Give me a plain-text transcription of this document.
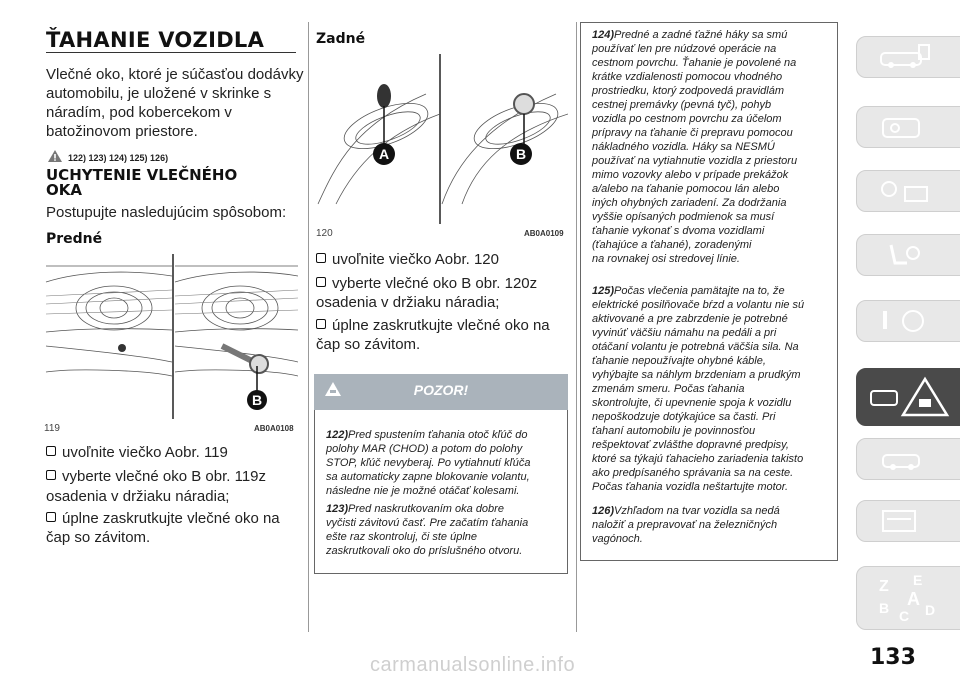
ŤAHANIE VOZIDLA
Vlečné oko, ktoré je súčasťou dodávky
automobilu, je uložené v skrinke s
náradím, pod kobercekom v
batožinovom priestore.
122) 123) 124) 125) 126)
UCHYTENIE VLEČNÉHO
OKA
Postupujte nasledujúcim spôsobom:
Predné
B
119	AB0A0108
uvoľnite viečko Aobr. 119
vyberte vlečné oko B obr. 119z
osadenia v držiaku náradia;
úplne zaskrutkujte vlečné oko na
čap so závitom.
Zadné
A	B
120	AB0A0109
uvoľnite viečko Aobr. 120
vyberte vlečné oko B obr. 120z
osadenia v držiaku náradia;
úplne zaskrutkujte vlečné oko na
čap so závitom.
POZOR!
122)Pred spustením ťahania otoč kľúč do
polohy MAR (CHOD) a potom do polohy
STOP, kľúč nevyberaj. Po vytiahnutí kľúča
sa automaticky zapne blokovanie volantu,
následne nie je možné otáčať kolesami.
123)Pred naskrutkovaním oka dobre
vyčisti závitovú časť. Pre začatím ťahania
ešte raz skontroluj, či ste úplne
zaskrutkovali oko do príslušného otvoru.
124)Predné a zadné ťažné háky sa smú
používať len pre núdzové operácie na
cestnom povrchu. Ťahanie je povolené na
krátke vzdialenosti pomocou vhodného
prostriedku, ktorý zodpovedá pravidlám
cestnej premávky (pevná tyč), pohyb
vozidla po cestnom povrchu za účelom
prípravy na ťahanie či prepravu pomocou
nákladného vozidla. Háky sa NESMÚ
používať na vytiahnutie vozidla z priestoru
mimo vozovky alebo v prípade prekážok
a/alebo na ťahanie pomocou lán alebo
iných ohybných zariadení. Za dodržania
vyššie opísaných podmienok sa musí
ťahanie vykonať s dvoma vozidlami
(ťahajúce a ťahané), zoradenými
na rovnakej osi stredovej línie.
125)Počas vlečenia pamätajte na to, že
elektrické posilňovače bŕzd a volantu nie sú
aktivované a pre zabrzdenie je potrebné
vyvinúť väčšiu námahu na pedáli a pri
otáčaní volantu je potrebná väčšia sila. Na
ťahanie nepoužívajte ohybné káble,
vyhýbajte sa náhlym brzdeniam a prudkým
zmenám smeru. Počas ťahania
skontrolujte, či upevnenie spoja k vozidlu
nepoškodzuje dotýkajúce sa časti. Pri
ťahaní automobilu je povinnosťou
rešpektovať zvlášthe dopravné predpisy,
ktoré sa týkajú ťahacieho zariadenia takisto
ako predpísaného správania sa na ceste.
Počas ťahania vozidla neštartujte motor.
126)Vzhľadom na tvar vozidla sa nedá
naložiť a prepravovať na železničných
vagónoch.
Z E
B C D
A
133
carmanualsonline.info
